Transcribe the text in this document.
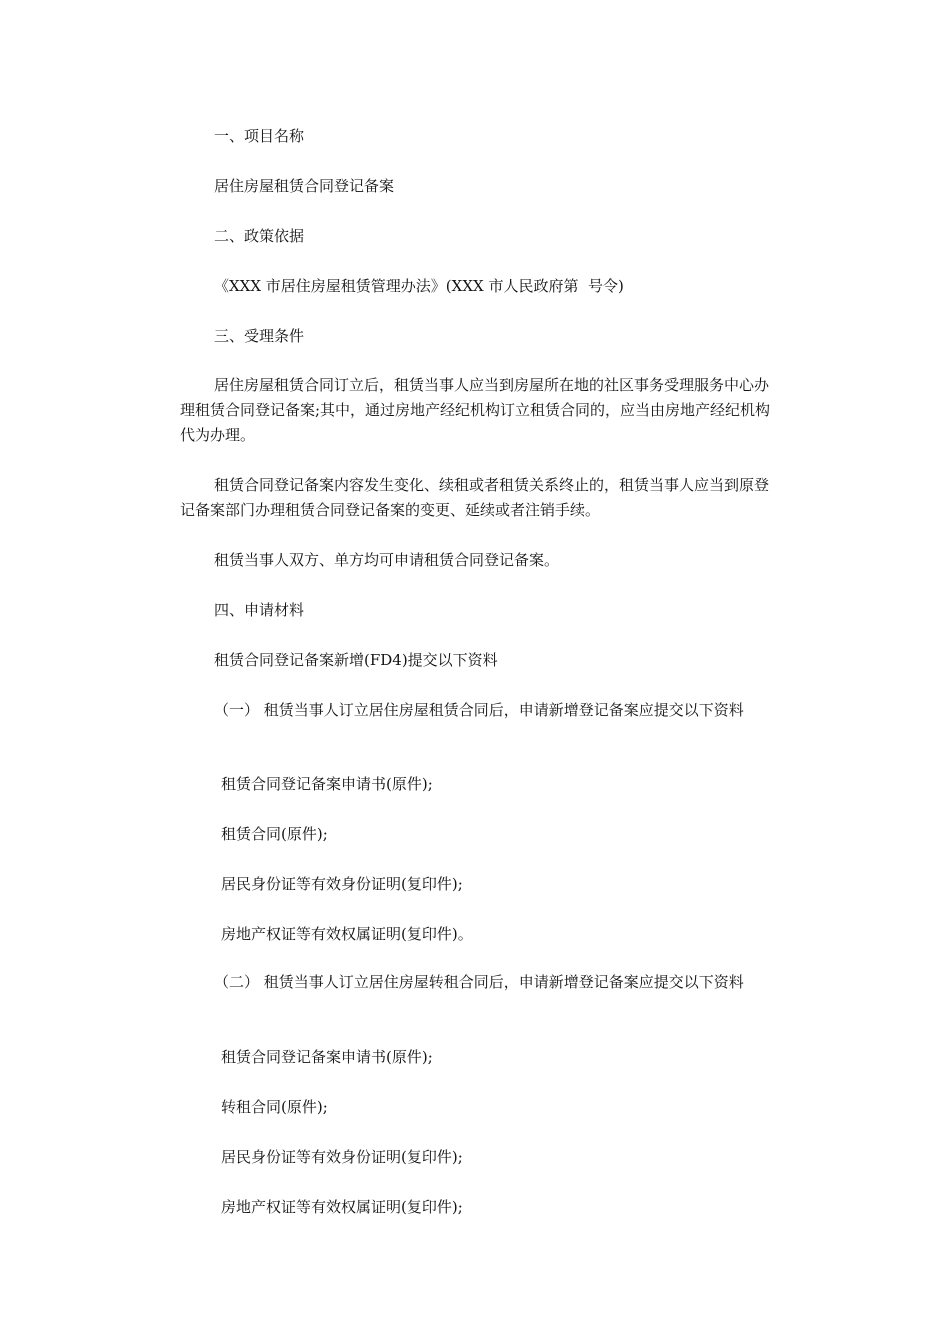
一、项目名称
居住房屋租赁合同登记备案
二、政策依据
《XXX 市居住房屋租赁管理办法》(XXX 市人民政府第  号令)
三、受理条件
居住房屋租赁合同订立后，租赁当事人应当到房屋所在地的社区事务受理服务中心办理租赁合同登记备案;其中，通过房地产经纪机构订立租赁合同的，应当由房地产经纪机构代为办理。
租赁合同登记备案内容发生变化、续租或者租赁关系终止的，租赁当事人应当到原登记备案部门办理租赁合同登记备案的变更、延续或者注销手续。
租赁当事人双方、单方均可申请租赁合同登记备案。
四、申请材料
租赁合同登记备案新增(FD4)提交以下资料
（一） 租赁当事人订立居住房屋租赁合同后，申请新增登记备案应提交以下资料
租赁合同登记备案申请书(原件);
租赁合同(原件);
居民身份证等有效身份证明(复印件);
房地产权证等有效权属证明(复印件)。
（二） 租赁当事人订立居住房屋转租合同后，申请新增登记备案应提交以下资料
租赁合同登记备案申请书(原件);
转租合同(原件);
居民身份证等有效身份证明(复印件);
房地产权证等有效权属证明(复印件);
